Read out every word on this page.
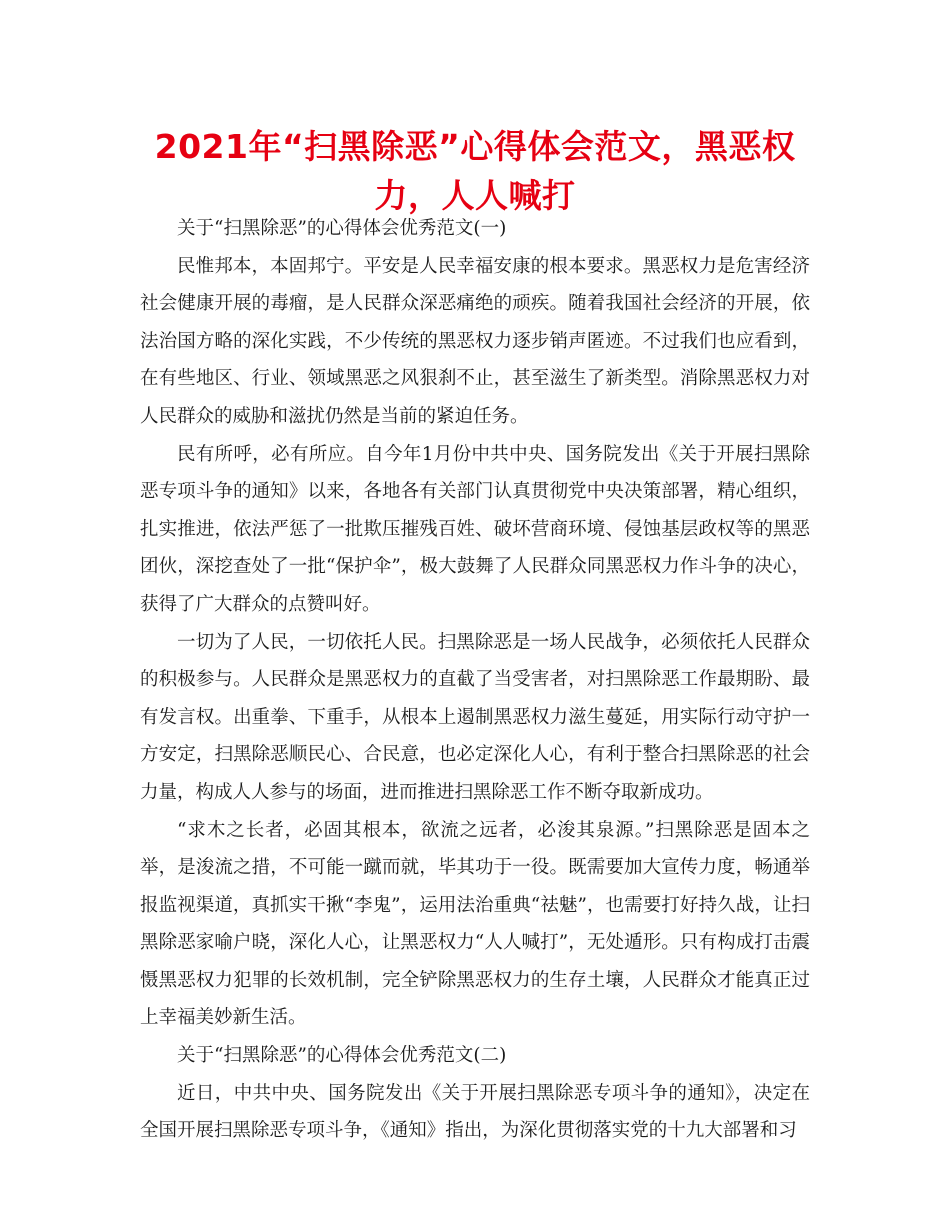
2021年“扫黑除恶”心得体会范文，黑恶权力，人人喊打

关于“扫黑除恶”的心得体会优秀范文(一)

民惟邦本，本固邦宁。平安是人民幸福安康的根本要求。黑恶权力是危害经济社会健康开展的毒瘤，是人民群众深恶痛绝的顽疾。随着我国社会经济的开展，依法治国方略的深化实践，不少传统的黑恶权力逐步销声匿迹。不过我们也应看到，在有些地区、行业、领域黑恶之风狠刹不止，甚至滋生了新类型。消除黑恶权力对人民群众的威胁和滋扰仍然是当前的紧迫任务。

民有所呼，必有所应。自今年1月份中共中央、国务院发出《关于开展扫黑除恶专项斗争的通知》以来，各地各有关部门认真贯彻党中央决策部署，精心组织，扎实推进，依法严惩了一批欺压摧残百姓、破坏营商环境、侵蚀基层政权等的黑恶团伙，深挖查处了一批“保护伞”，极大鼓舞了人民群众同黑恶权力作斗争的决心，获得了广大群众的点赞叫好。

一切为了人民，一切依托人民。扫黑除恶是一场人民战争，必须依托人民群众的积极参与。人民群众是黑恶权力的直截了当受害者，对扫黑除恶工作最期盼、最有发言权。出重拳、下重手，从根本上遏制黑恶权力滋生蔓延，用实际行动守护一方安定，扫黑除恶顺民心、合民意，也必定深化人心，有利于整合扫黑除恶的社会力量，构成人人参与的场面，进而推进扫黑除恶工作不断夺取新成功。

“求木之长者，必固其根本，欲流之远者，必浚其泉源。”扫黑除恶是固本之举，是浚流之措，不可能一蹴而就，毕其功于一役。既需要加大宣传力度，畅通举报监视渠道，真抓实干揪“李鬼”，运用法治重典“祛魅”，也需要打好持久战，让扫黑除恶家喻户晓，深化人心，让黑恶权力“人人喊打”，无处遁形。只有构成打击震慑黑恶权力犯罪的长效机制，完全铲除黑恶权力的生存土壤，人民群众才能真正过上幸福美妙新生活。

关于“扫黑除恶”的心得体会优秀范文(二)

近日，中共中央、国务院发出《关于开展扫黑除恶专项斗争的通知》，决定在全国开展扫黑除恶专项斗争，《通知》指出，为深化贯彻落实党的十九大部署和习
